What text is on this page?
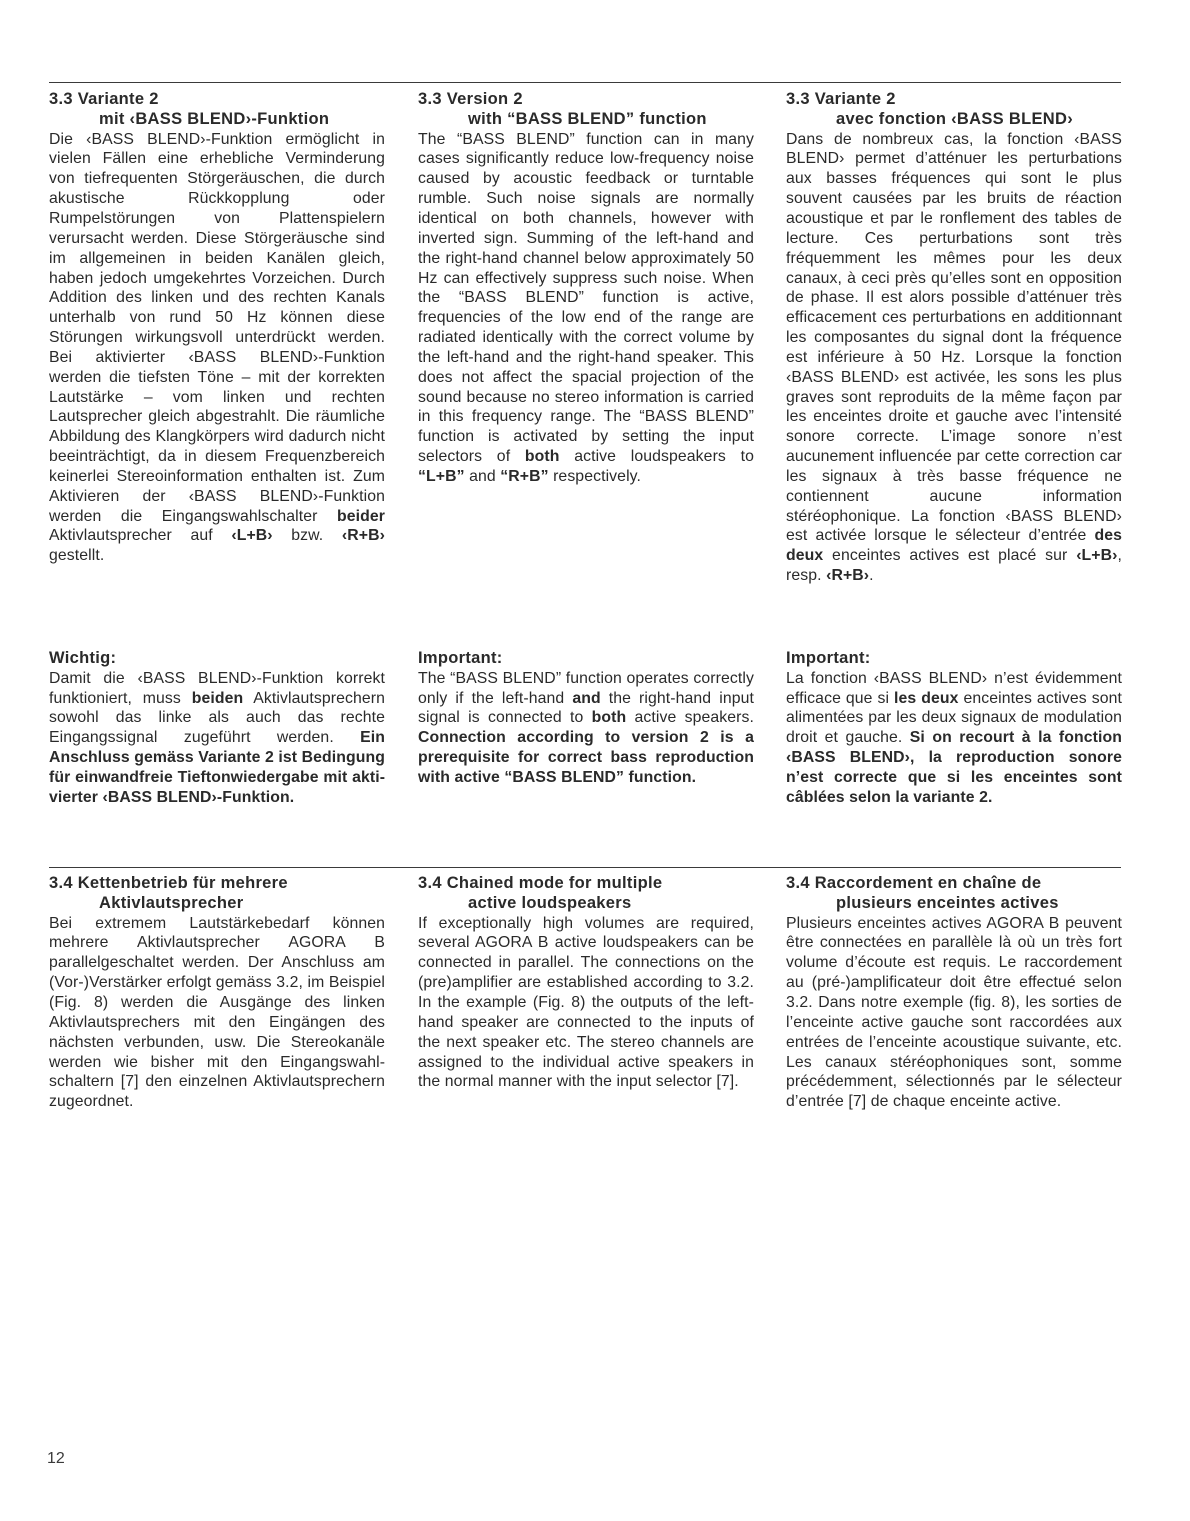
3.3 Variante 2
mit ‹BASS BLEND›-Funktion

Die ‹BASS BLEND›-Funktion ermöglicht in vielen Fällen eine erhebliche Verminderung von tiefrequenten Störgeräuschen, die durch akustische Rückkopplung oder Rumpelstörungen von Plattenspielern verursacht werden. Diese Störgeräusche sind im allgemeinen in beiden Kanälen gleich, haben jedoch umgekehrtes Vorzeichen. Durch Addition des linken und des rechten Kanals unterhalb von rund 50 Hz können diese Störungen wirkungsvoll unterdrückt werden. Bei aktivierter ‹BASS BLEND›-Funktion werden die tiefsten Töne – mit der korrekten Lautstärke – vom linken und rechten Lautsprecher gleich abgestrahlt. Die räumliche Abbildung des Klangkörpers wird dadurch nicht beeinträchtigt, da in diesem Frequenzbereich keinerlei Stereoinformation enthalten ist. Zum Aktivieren der ‹BASS BLEND›-Funktion werden die Eingangswahlschalter beider Aktivlautsprecher auf ‹L+B› bzw. ‹R+B› gestellt.

3.3 Version 2
with “BASS BLEND” function

The “BASS BLEND” function can in many cases significantly reduce low-frequency noise caused by acoustic feedback or turntable rumble. Such noise signals are normally identical on both channels, however with inverted sign. Summing of the left-hand and the right-hand channel below approximately 50 Hz can effectively suppress such noise. When the “BASS BLEND” function is active, frequencies of the low end of the range are radiated identically with the correct volume by the left-hand and the right-hand speaker. This does not affect the spacial projection of the sound because no stereo information is carried in this frequency range. The “BASS BLEND” function is activated by setting the input selectors of both active loudspeakers to “L+B” and “R+B” respectively.

3.3 Variante 2
avec fonction ‹BASS BLEND›

Dans de nombreux cas, la fonction ‹BASS BLEND› permet d’atténuer les perturbations aux basses fréquences qui sont le plus souvent causées par les bruits de réaction acoustique et par le ronflement des tables de lecture. Ces perturbations sont très fréquemment les mêmes pour les deux canaux, à ceci près qu’elles sont en opposition de phase. Il est alors possible d’atténuer très efficacement ces perturbations en additionnant les composantes du signal dont la fréquence est inférieure à 50 Hz. Lorsque la fonction ‹BASS BLEND› est activée, les sons les plus graves sont reproduits de la même façon par les enceintes droite et gauche avec l’intensité sonore correcte. L’image sonore n’est aucunement influencée par cette correction car les signaux à très basse fréquence ne contiennent aucune information stéréophonique. La fonction ‹BASS BLEND› est activée lorsque le sélecteur d’entrée des deux enceintes actives est placé sur ‹L+B›, resp. ‹R+B›.

Wichtig:

Damit die ‹BASS BLEND›-Funktion korrekt funktioniert, muss beiden Aktivlautsprechern sowohl das linke als auch das rechte Eingangssignal zugeführt werden. Ein Anschluss gemäss Variante 2 ist Bedingung für einwandfreie Tieftonwiedergabe mit aktivierter ‹BASS BLEND›-Funktion.

Important:

The “BASS BLEND” function operates correctly only if the left-hand and the right-hand input signal is connected to both active speakers. Connection according to version 2 is a prerequisite for correct bass reproduction with active “BASS BLEND” function.

Important:

La fonction ‹BASS BLEND› n’est évidemment efficace que si les deux enceintes actives sont alimentées par les deux signaux de modulation droit et gauche. Si on recourt à la fonction ‹BASS BLEND›, la reproduction sonore n’est correcte que si les enceintes sont câblées selon la variante 2.

3.4 Kettenbetrieb für mehrere
Aktivlautsprecher

Bei extremem Lautstärkebedarf können mehrere Aktivlautsprecher AGORA B parallelgeschaltet werden. Der Anschluss am (Vor-)Verstärker erfolgt gemäss 3.2, im Beispiel (Fig. 8) werden die Ausgänge des linken Aktivlautsprechers mit den Eingängen des nächsten verbunden, usw. Die Stereokanäle werden wie bisher mit den Eingangswahlschaltern [7] den einzelnen Aktivlautsprechern zugeordnet.

3.4 Chained mode for multiple
active loudspeakers

If exceptionally high volumes are required, several AGORA B active loudspeakers can be connected in parallel. The connections on the (pre)amplifier are established according to 3.2. In the example (Fig. 8) the outputs of the left-hand speaker are connected to the inputs of the next speaker etc. The stereo channels are assigned to the individual active speakers in the normal manner with the input selector [7].

3.4 Raccordement en chaîne de
plusieurs enceintes actives

Plusieurs enceintes actives AGORA B peuvent être connectées en parallèle là où un très fort volume d’écoute est requis. Le raccordement au (pré-)amplificateur doit être effectué selon 3.2. Dans notre exemple (fig. 8), les sorties de l’enceinte active gauche sont raccordées aux entrées de l’enceinte acoustique suivante, etc. Les canaux stéréophoniques sont, somme précédemment, sélectionnés par le sélecteur d’entrée [7] de chaque enceinte active.

12
